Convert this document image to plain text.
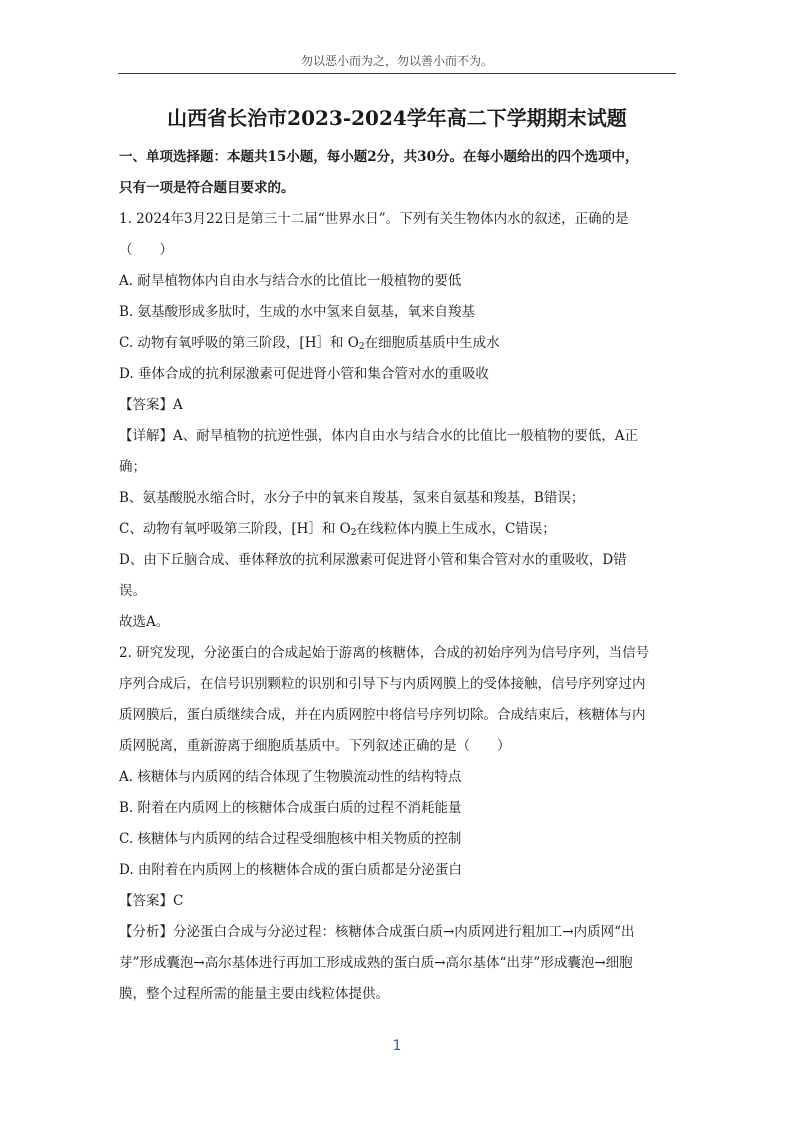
勿以恶小而为之，勿以善小而不为。
山西省长治市2023-2024学年高二下学期期末试题

一、单项选择题：本题共15小题，每小题2分，共30分。在每小题给出的四个选项中，

只有一项是符合题目要求的。

1. 2024年3月22日是第三十二届“世界水日”。下列有关生物体内水的叙述，正确的是

（　　）

A. 耐旱植物体内自由水与结合水的比值比一般植物的要低

B. 氨基酸形成多肽时，生成的水中氢来自氨基，氧来自羧基

C. 动物有氧呼吸的第三阶段，[H］和 $O_2$在细胞质基质中生成水

D. 垂体合成的抗利尿激素可促进肾小管和集合管对水的重吸收

【答案】A

【详解】A、耐旱植物的抗逆性强，体内自由水与结合水的比值比一般植物的要低，A正

确；

B、氨基酸脱水缩合时，水分子中的氧来自羧基，氢来自氨基和羧基，B错误；

C、动物有氧呼吸第三阶段，[H］和 $O_2$在线粒体内膜上生成水，C错误；

D、由下丘脑合成、垂体释放的抗利尿激素可促进肾小管和集合管对水的重吸收，D错

误。

故选A。

2. 研究发现，分泌蛋白的合成起始于游离的核糖体，合成的初始序列为信号序列，当信号

序列合成后，在信号识别颗粒的识别和引导下与内质网膜上的受体接触，信号序列穿过内

质网膜后，蛋白质继续合成，并在内质网腔中将信号序列切除。合成结束后，核糖体与内

质网脱离，重新游离于细胞质基质中。下列叙述正确的是（　　）

A. 核糖体与内质网的结合体现了生物膜流动性的结构特点

B. 附着在内质网上的核糖体合成蛋白质的过程不消耗能量

C. 核糖体与内质网的结合过程受细胞核中相关物质的控制

D. 由附着在内质网上的核糖体合成的蛋白质都是分泌蛋白

【答案】C

【分析】分泌蛋白合成与分泌过程：核糖体合成蛋白质→内质网进行粗加工→内质网“出

芽”形成囊泡→高尔基体进行再加工形成成熟的蛋白质→高尔基体“出芽”形成囊泡→细胞

膜，整个过程所需的能量主要由线粒体提供。

1
